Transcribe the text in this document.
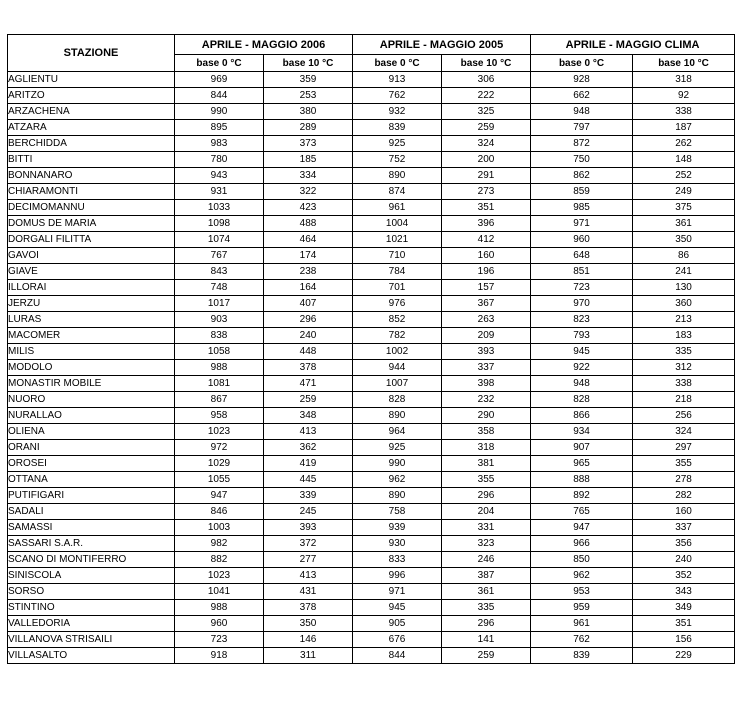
STAZIONE	APRILE - MAGGIO 2006		APRILE - MAGGIO 2005		APRILE - MAGGIO CLIMA	
	base 0 °C	base 10 °C	base 0 °C	base 10 °C	base 0 °C	base 10 °C
AGLIENTU	969	359	913	306	928	318
ARITZO	844	253	762	222	662	92
ARZACHENA	990	380	932	325	948	338
ATZARA	895	289	839	259	797	187
BERCHIDDA	983	373	925	324	872	262
BITTI	780	185	752	200	750	148
BONNANARO	943	334	890	291	862	252
CHIARAMONTI	931	322	874	273	859	249
DECIMOMANNU	1033	423	961	351	985	375
DOMUS DE MARIA	1098	488	1004	396	971	361
DORGALI FILITTA	1074	464	1021	412	960	350
GAVOI	767	174	710	160	648	86
GIAVE	843	238	784	196	851	241
ILLORAI	748	164	701	157	723	130
JERZU	1017	407	976	367	970	360
LURAS	903	296	852	263	823	213
MACOMER	838	240	782	209	793	183
MILIS	1058	448	1002	393	945	335
MODOLO	988	378	944	337	922	312
MONASTIR MOBILE	1081	471	1007	398	948	338
NUORO	867	259	828	232	828	218
NURALLAO	958	348	890	290	866	256
OLIENA	1023	413	964	358	934	324
ORANI	972	362	925	318	907	297
OROSEI	1029	419	990	381	965	355
OTTANA	1055	445	962	355	888	278
PUTIFIGARI	947	339	890	296	892	282
SADALI	846	245	758	204	765	160
SAMASSI	1003	393	939	331	947	337
SASSARI S.A.R.	982	372	930	323	966	356
SCANO DI MONTIFERRO	882	277	833	246	850	240
SINISCOLA	1023	413	996	387	962	352
SORSO	1041	431	971	361	953	343
STINTINO	988	378	945	335	959	349
VALLEDORIA	960	350	905	296	961	351
VILLANOVA STRISAILI	723	146	676	141	762	156
VILLASALTO	918	311	844	259	839	229
